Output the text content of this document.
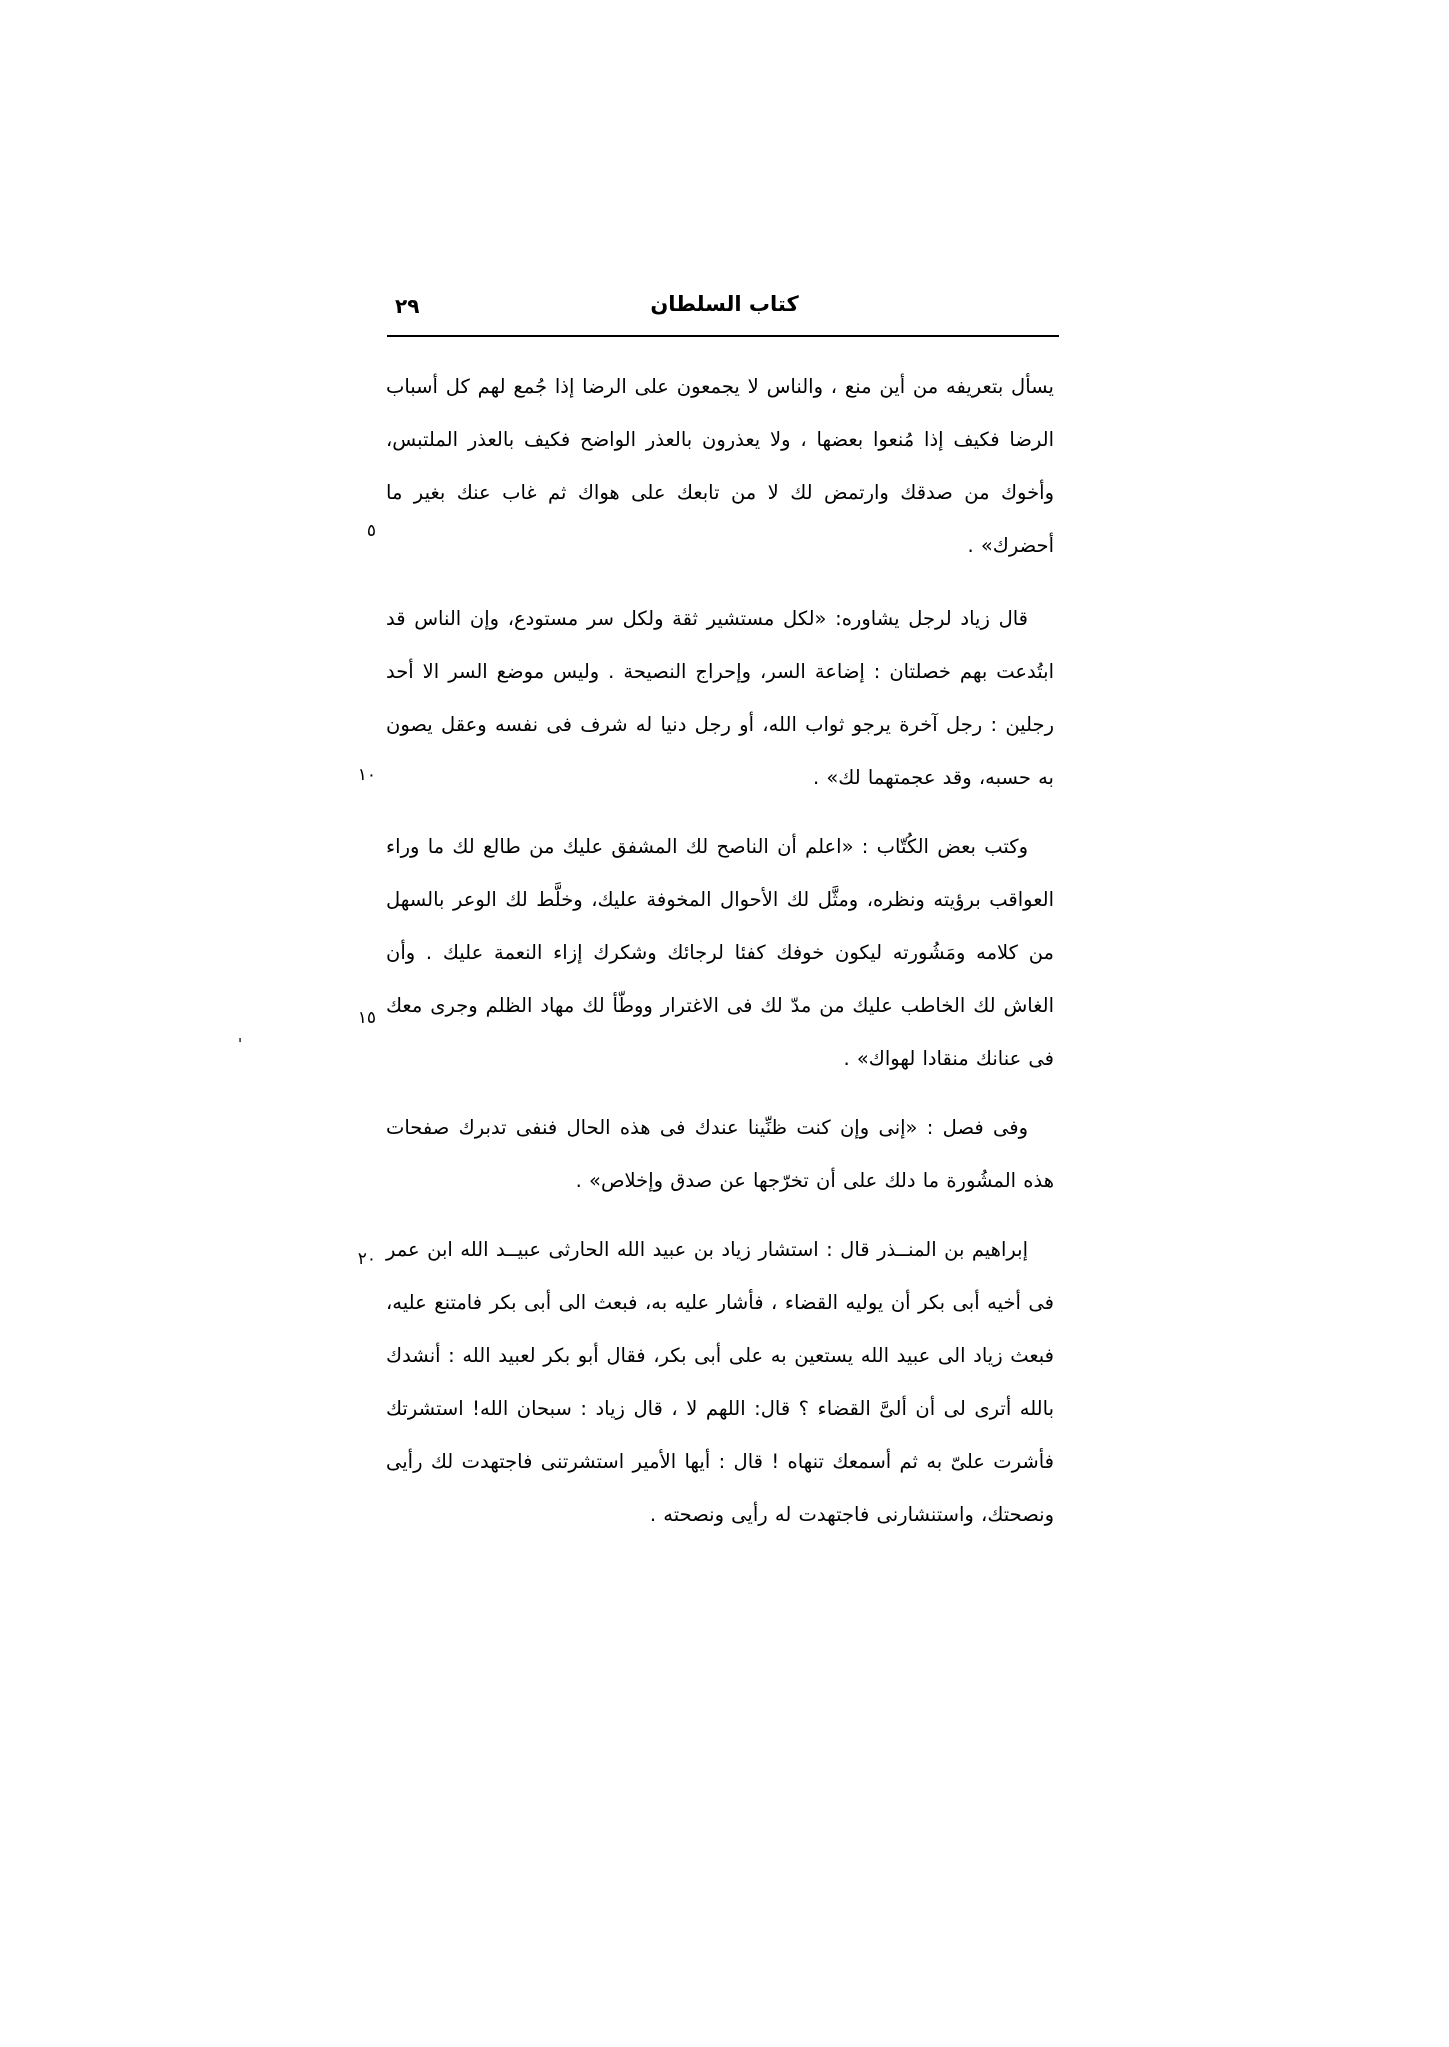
كتاب السلطان
٢٩

يسأل بتعريفه من أين منع ، والناس لا يجمعون على الرضا إذا جُمع لهم كل أسباب الرضا فكيف إذا مُنعوا بعضها ، ولا يعذرون بالعذر الواضح فكيف بالعذر الملتبس، وأخوك من صدقك وارتمض لك لا من تابعك على هواك ثم غاب عنك بغير ما أحضرك» .

قال زياد لرجل يشاوره: «لكل مستشير ثقة ولكل سر مستودع، وإن الناس قد ابتُدعت بهم خصلتان : إضاعة السر، وإحراج النصيحة . وليس موضع السر الا أحد رجلين : رجل آخرة يرجو ثواب الله، أو رجل دنيا له شرف فى نفسه وعقل يصون به حسبه، وقد عجمتهما لك» .

وكتب بعض الكُتّاب : «اعلم أن الناصح لك المشفق عليك من طالع لك ما وراء العواقب برؤيته ونظره، ومثَّل لك الأحوال المخوفة عليك، وخلَّط لك الوعر بالسهل من كلامه ومَشُورته ليكون خوفك كفئا لرجائك وشكرك إزاء النعمة عليك . وأن الغاش لك الخاطب عليك من مدّ لك فى الاغترار ووطّأ لك مهاد الظلم وجرى معك فى عنانك منقادا لهواك» .

وفى فصل : «إنى وإن كنت ظنِّينا عندك فى هذه الحال فنفى تدبرك صفحات هذه المشُورة ما دلك على أن تخرّجها عن صدق وإخلاص» .

إبراهيم بن المنــذر قال : استشار زياد بن عبيد الله الحارثى عبيــد الله ابن عمر فى أخيه أبى بكر أن يوليه القضاء ، فأشار عليه به، فبعث الى أبى بكر فامتنع عليه، فبعث زياد الى عبيد الله يستعين به على أبى بكر، فقال أبو بكر لعبيد الله : أنشدك بالله أترى لى أن ألىَّ القضاء ؟ قال: اللهم لا ، قال زياد : سبحان الله! استشرتك فأشرت علىّ به ثم أسمعك تنهاه ! قال : أيها الأمير استشرتنى فاجتهدت لك رأيى ونصحتك، واستنشارنى فاجتهدت له رأيى ونصحته .

٥
١٠
١٥
٢٠
'
